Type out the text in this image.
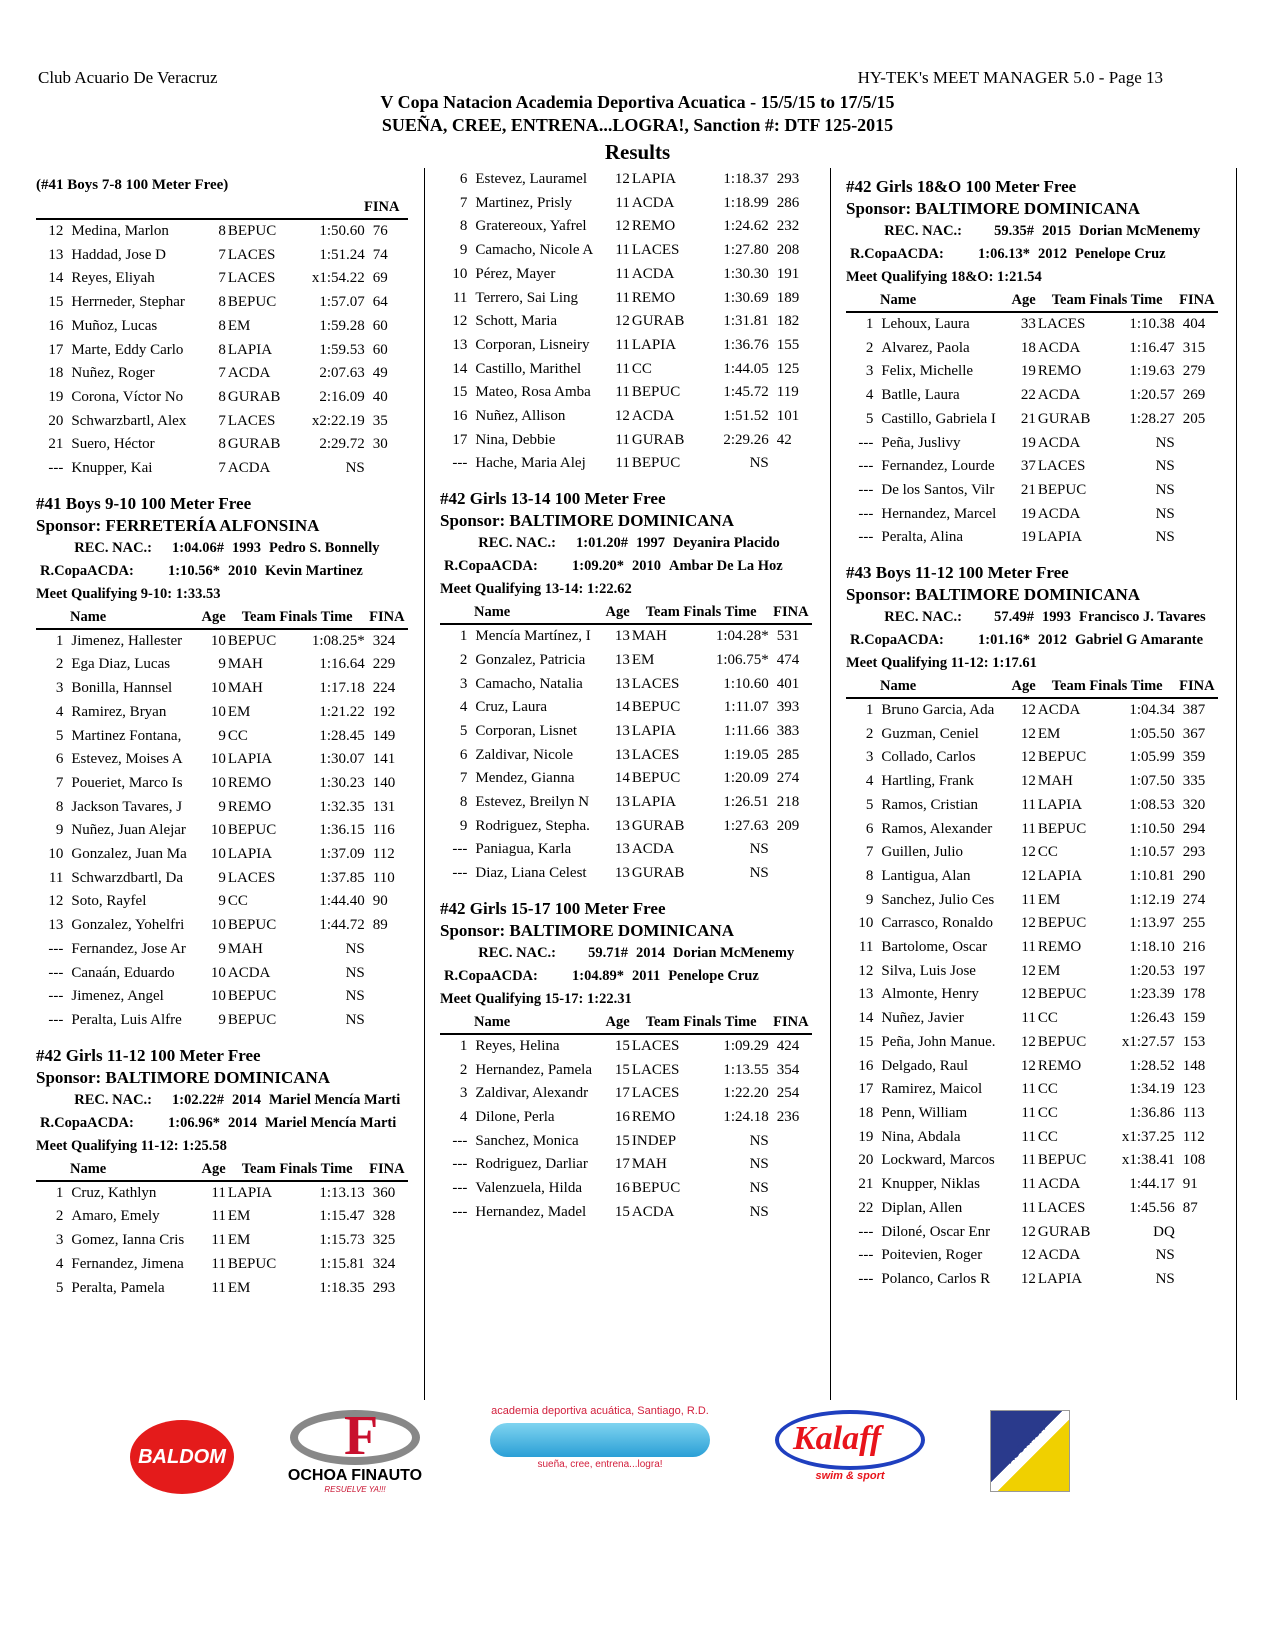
Club Acuario De Veracruz	HY-TEK's MEET MANAGER 5.0 - Page 13
V Copa Natacion Academia Deportiva Acuatica - 15/5/15 to 17/5/15
SUEÑA, CREE, ENTRENA...LOGRA!, Sanction #: DTF 125-2015
Results
(#41 Boys 7-8 100 Meter Free)
FINA
12 Medina, Marlon	8 BEPUC	1:50.60 76
13 Haddad, Jose D	7 LACES	1:51.24 74
14 Reyes, Eliyah	7 LACES	x1:54.22 69
15 Herrneder, Stephar	8 BEPUC	1:57.07 64
16 Muñoz, Lucas	8 EM	1:59.28 60
17 Marte, Eddy Carlo	8 LAPIA	1:59.53 60
18 Nuñez, Roger	7 ACDA	2:07.63 49
19 Corona, Víctor No	8 GURAB	2:16.09 40
20 Schwarzbartl, Alex	7 LACES	x2:22.19 35
21 Suero, Héctor	8 GURAB	2:29.72 30
--- Knupper, Kai	7 ACDA	NS
#41 Boys 9-10 100 Meter Free
Sponsor: FERRETERÍA ALFONSINA
REC. NAC.: 1:04.06# 1993 Pedro S. Bonnelly
R.CopaACDA: 1:10.56* 2010 Kevin Martinez
Meet Qualifying 9-10: 1:33.53
Name	Age	Team Finals Time	FINA
1 Jimenez, Hallester	10 BEPUC	1:08.25* 324
2 Ega Diaz, Lucas	9 MAH	1:16.64 229
3 Bonilla, Hannsel	10 MAH	1:17.18 224
4 Ramirez, Bryan	10 EM	1:21.22 192
5 Martinez Fontana,	9 CC	1:28.45 149
6 Estevez, Moises A	10 LAPIA	1:30.07 141
7 Poueriet, Marco Is	10 REMO	1:30.23 140
8 Jackson Tavares, J	9 REMO	1:32.35 131
9 Nuñez, Juan Alejar	10 BEPUC	1:36.15 116
10 Gonzalez, Juan Ma	10 LAPIA	1:37.09 112
11 Schwarzdbartl, Da	9 LACES	1:37.85 110
12 Soto, Rayfel	9 CC	1:44.40 90
13 Gonzalez, Yohelfri	10 BEPUC	1:44.72 89
--- Fernandez, Jose Ar	9 MAH	NS
--- Canaán, Eduardo	10 ACDA	NS
--- Jimenez, Angel	10 BEPUC	NS
--- Peralta, Luis Alfre	9 BEPUC	NS
#42 Girls 11-12 100 Meter Free
Sponsor: BALTIMORE DOMINICANA
REC. NAC.: 1:02.22# 2014 Mariel Mencía Marti
R.CopaACDA: 1:06.96* 2014 Mariel Mencía Marti
Meet Qualifying 11-12: 1:25.58
Name	Age	Team Finals Time	FINA
1 Cruz, Kathlyn	11 LAPIA	1:13.13 360
2 Amaro, Emely	11 EM	1:15.47 328
3 Gomez, Ianna Cris	11 EM	1:15.73 325
4 Fernandez, Jimena	11 BEPUC	1:15.81 324
5 Peralta, Pamela	11 EM	1:18.35 293
6 Estevez, Lauramel	12 LAPIA	1:18.37 293
7 Martinez, Prisly	11 ACDA	1:18.99 286
8 Gratereoux, Yafrel	12 REMO	1:24.62 232
9 Camacho, Nicole A	11 LACES	1:27.80 208
10 Pérez, Mayer	11 ACDA	1:30.30 191
11 Terrero, Sai Ling	11 REMO	1:30.69 189
12 Schott, Maria	12 GURAB	1:31.81 182
13 Corporan, Lisneiry	11 LAPIA	1:36.76 155
14 Castillo, Marithel	11 CC	1:44.05 125
15 Mateo, Rosa Amba	11 BEPUC	1:45.72 119
16 Nuñez, Allison	12 ACDA	1:51.52 101
17 Nina, Debbie	11 GURAB	2:29.26 42
--- Hache, Maria Alej	11 BEPUC	NS
#42 Girls 13-14 100 Meter Free
Sponsor: BALTIMORE DOMINICANA
REC. NAC.: 1:01.20# 1997 Deyanira Placido
R.CopaACDA: 1:09.20* 2010 Ambar De La Hoz
Meet Qualifying 13-14: 1:22.62
Name	Age	Team Finals Time	FINA
1 Mencía Martínez, I	13 MAH	1:04.28* 531
2 Gonzalez, Patricia	13 EM	1:06.75* 474
3 Camacho, Natalia	13 LACES	1:10.60 401
4 Cruz, Laura	14 BEPUC	1:11.07 393
5 Corporan, Lisnet	13 LAPIA	1:11.66 383
6 Zaldivar, Nicole	13 LACES	1:19.05 285
7 Mendez, Gianna	14 BEPUC	1:20.09 274
8 Estevez, Breilyn N	13 LAPIA	1:26.51 218
9 Rodriguez, Stepha.	13 GURAB	1:27.63 209
--- Paniagua, Karla	13 ACDA	NS
--- Diaz, Liana Celest	13 GURAB	NS
#42 Girls 15-17 100 Meter Free
Sponsor: BALTIMORE DOMINICANA
REC. NAC.: 59.71# 2014 Dorian McMenemy
R.CopaACDA: 1:04.89* 2011 Penelope Cruz
Meet Qualifying 15-17: 1:22.31
Name	Age	Team Finals Time	FINA
1 Reyes, Helina	15 LACES	1:09.29 424
2 Hernandez, Pamela	15 LACES	1:13.55 354
3 Zaldivar, Alexandr	17 LACES	1:22.20 254
4 Dilone, Perla	16 REMO	1:24.18 236
--- Sanchez, Monica	15 INDEP	NS
--- Rodriguez, Darliar	17 MAH	NS
--- Valenzuela, Hilda	16 BEPUC	NS
--- Hernandez, Madel	15 ACDA	NS
#42 Girls 18&O 100 Meter Free
Sponsor: BALTIMORE DOMINICANA
REC. NAC.: 59.35# 2015 Dorian McMenemy
R.CopaACDA: 1:06.13* 2012 Penelope Cruz
Meet Qualifying 18&O: 1:21.54
Name	Age	Team Finals Time	FINA
1 Lehoux, Laura	33 LACES	1:10.38 404
2 Alvarez, Paola	18 ACDA	1:16.47 315
3 Felix, Michelle	19 REMO	1:19.63 279
4 Batlle, Laura	22 ACDA	1:20.57 269
5 Castillo, Gabriela I	21 GURAB	1:28.27 205
--- Peña, Juslivy	19 ACDA	NS
--- Fernandez, Lourde	37 LACES	NS
--- De los Santos, Vilr	21 BEPUC	NS
--- Hernandez, Marcel	19 ACDA	NS
--- Peralta, Alina	19 LAPIA	NS
#43 Boys 11-12 100 Meter Free
Sponsor: BALTIMORE DOMINICANA
REC. NAC.: 57.49# 1993 Francisco J. Tavares
R.CopaACDA: 1:01.16* 2012 Gabriel G Amarante
Meet Qualifying 11-12: 1:17.61
Name	Age	Team Finals Time	FINA
1 Bruno Garcia, Ada	12 ACDA	1:04.34 387
2 Guzman, Ceniel	12 EM	1:05.50 367
3 Collado, Carlos	12 BEPUC	1:05.99 359
4 Hartling, Frank	12 MAH	1:07.50 335
5 Ramos, Cristian	11 LAPIA	1:08.53 320
6 Ramos, Alexander	11 BEPUC	1:10.50 294
7 Guillen, Julio	12 CC	1:10.57 293
8 Lantigua, Alan	12 LAPIA	1:10.81 290
9 Sanchez, Julio Ces	11 EM	1:12.19 274
10 Carrasco, Ronaldo	12 BEPUC	1:13.97 255
11 Bartolome, Oscar	11 REMO	1:18.10 216
12 Silva, Luis Jose	12 EM	1:20.53 197
13 Almonte, Henry	12 BEPUC	1:23.39 178
14 Nuñez, Javier	11 CC	1:26.43 159
15 Peña, John Manue.	12 BEPUC	x1:27.57 153
16 Delgado, Raul	12 REMO	1:28.52 148
17 Ramirez, Maicol	11 CC	1:34.19 123
18 Penn, William	11 CC	1:36.86 113
19 Nina, Abdala	11 CC	x1:37.25 112
20 Lockward, Marcos	11 BEPUC	x1:38.41 108
21 Knupper, Niklas	11 ACDA	1:44.17 91
22 Diplan, Allen	11 LACES	1:45.56 87
--- Diloné, Oscar Enr	12 GURAB	DQ
--- Poitevien, Roger	12 ACDA	NS
--- Polanco, Carlos R	12 LAPIA	NS
BALDOM F
OCHOA FINAUTO
RESUELVE YA!!!
academia deportiva acuática, Santiago, R.D.
sueña, cree, entrena...logra!
Kalaff
swim & sport
ASONASA
